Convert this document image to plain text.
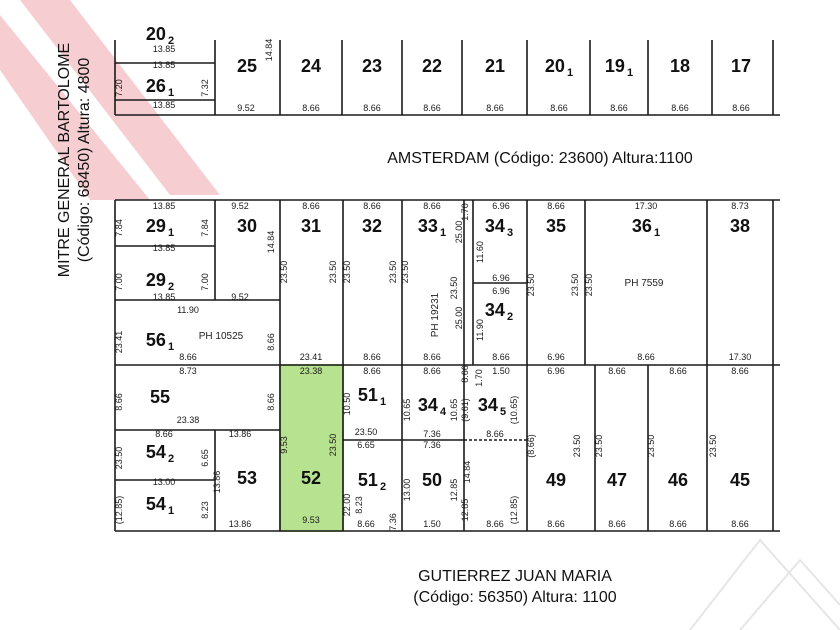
20 $_2$
26 $_1$
25 24 23 22 21 20 $_1$ 19 $_1$ 18 17
29 $_1$
29 $_2$
30 31 32 33 $_1$ 34 $_3$ 35	36 $_1$	38
34 $_2$
56 $_1$
55	51 $_1$ 34 $_4$ 34 $_5$
54 $_2$
54 $_1$
53 52 51 $_2$ 50	49 47 46 45
13.85
13.85
13.85
7.20	7.32
14.84
9.52	8.66	8.66	8.66	8.66	8.66	8.66	8.66	8.66
13.85
7.84	7.84
9.52	8.66	8.66	8.66 1.70 6.96	8.66	17.30	8.73
14.84
23.50	23.50 23.50	23.50 23.50
25.00
11.60
13.85
7.00	7.00
13.85	9.52
6.96
6.96
23.50	23.50	23.50 23.50
25.00
11.90
11.90
23.41	8.66
8.66	23.41	8.66	8.66	8.66	6.96	8.66	17.30
8.73	23.38	8.66	8.66 8.66 1.70 1.50	6.96	8.66	8.66	8.66
8.66	8.66	10.50	10.65	10.65 (9.61)	(10.65)
23.38
13.86
9.53	23.50
23.50	7.36	8.66
(8.66)	23.50 23.50	23.50	23.50
23.50	6.65
6.65	7.36
8.66
13.86	14.84
22.00
13.00	12.85
12.85	(12.85)
(12.85)	8.23	8.23
13.00
13.86	9.53	8.66 7.36	1.50	8.66	8.66	8.66	8.66	8.66
PH 10525	PH 19231
PH 7559
AMSTERDAM (Código: 23600) Altura:1100
GUTIERREZ JUAN MARIA
(Código: 56350) Altura: 1100
MITRE GENERAL BARTOLOME (Código: 68450) Altura: 4800
